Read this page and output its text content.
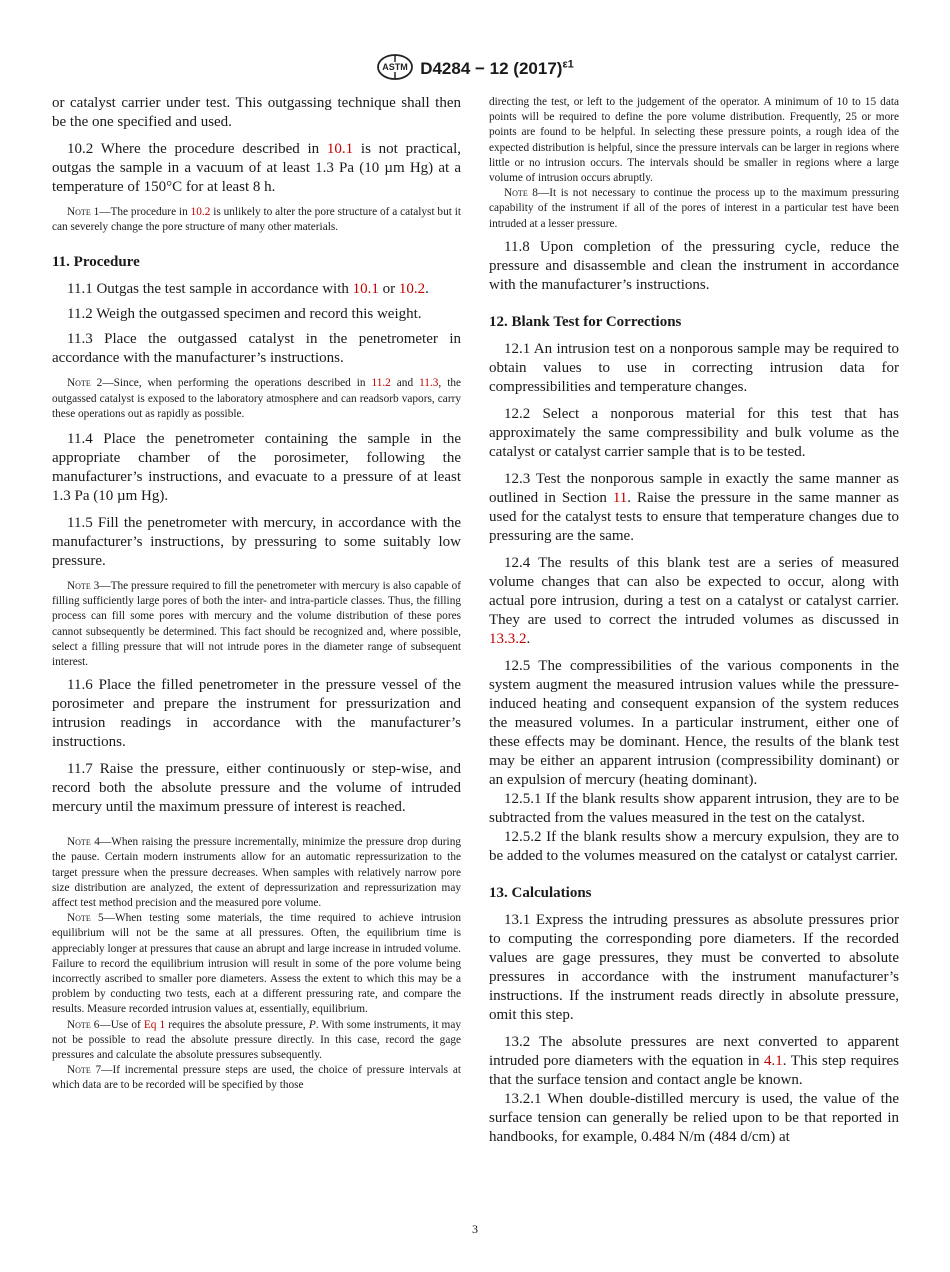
ASTM D4284 − 12 $(2017)^{\varepsilon 1}$

or catalyst carrier under test. This outgassing technique shall then be the one specified and used.

10.2 Where the procedure described in 10.1 is not practical, outgas the sample in a vacuum of at least 1.3 Pa (10 µm Hg) at a temperature of 150°C for at least 8 h.

Note 1—The procedure in 10.2 is unlikely to alter the pore structure of a catalyst but it can severely change the pore structure of many other materials.

11. Procedure

11.1 Outgas the test sample in accordance with 10.1 or 10.2.

11.2 Weigh the outgassed specimen and record this weight.

11.3 Place the outgassed catalyst in the penetrometer in accordance with the manufacturer’s instructions.

Note 2—Since, when performing the operations described in 11.2 and 11.3, the outgassed catalyst is exposed to the laboratory atmosphere and can readsorb vapors, carry these operations out as rapidly as possible.

11.4 Place the penetrometer containing the sample in the appropriate chamber of the porosimeter, following the manufacturer’s instructions, and evacuate to a pressure of at least 1.3 Pa (10 µm Hg).

11.5 Fill the penetrometer with mercury, in accordance with the manufacturer’s instructions, by pressuring to some suitably low pressure.

Note 3—The pressure required to fill the penetrometer with mercury is also capable of filling sufficiently large pores of both the inter- and intra-particle classes. Thus, the filling process can fill some pores with mercury and the volume distribution of these pores cannot subsequently be determined. This fact should be recognized and, where possible, select a filling pressure that will not intrude pores in the diameter range of subsequent interest.

11.6 Place the filled penetrometer in the pressure vessel of the porosimeter and prepare the instrument for pressurization and intrusion readings in accordance with the manufacturer’s instructions.

11.7 Raise the pressure, either continuously or step-wise, and record both the absolute pressure and the volume of intruded mercury until the maximum pressure of interest is reached.

Note 4—When raising the pressure incrementally, minimize the pressure drop during the pause. Certain modern instruments allow for an automatic repressurization to the target pressure when the pressure decreases. When samples with relatively narrow pore size distribution are analyzed, the extent of depressurization and repressurization may affect test method precision and the measured pore volume.

Note 5—When testing some materials, the time required to achieve intrusion equilibrium will not be the same at all pressures. Often, the equilibrium time is appreciably longer at pressures that cause an abrupt and large increase in intruded volume. Failure to record the equilibrium intrusion will result in some of the pore volume being incorrectly ascribed to smaller pore diameters. Assess the extent to which this may be a problem by conducting two tests, each at a different pressuring rate, and compare the results. Measure recorded intrusion values at, essentially, equilibrium.

Note 6—Use of Eq 1 requires the absolute pressure, P. With some instruments, it may not be possible to read the absolute pressure directly. In this case, record the gage pressures and calculate the absolute pressures subsequently.

Note 7—If incremental pressure steps are used, the choice of pressure intervals at which data are to be recorded will be specified by those

directing the test, or left to the judgement of the operator. A minimum of 10 to 15 data points will be required to define the pore volume distribution. Frequently, 25 or more points are found to be helpful. In selecting these pressure points, a rough idea of the expected distribution is helpful, since the pressure intervals can be larger in regions where little or no intrusion occurs. The intervals should be smaller in regions where a large volume of intrusion occurs abruptly.

Note 8—It is not necessary to continue the process up to the maximum pressuring capability of the instrument if all of the pores of interest in a particular test have been intruded at a lesser pressure.

11.8 Upon completion of the pressuring cycle, reduce the pressure and disassemble and clean the instrument in accordance with the manufacturer’s instructions.

12. Blank Test for Corrections

12.1 An intrusion test on a nonporous sample may be required to obtain values to use in correcting intrusion data for compressibilities and temperature changes.

12.2 Select a nonporous material for this test that has approximately the same compressibility and bulk volume as the catalyst or catalyst carrier sample that is to be tested.

12.3 Test the nonporous sample in exactly the same manner as outlined in Section 11. Raise the pressure in the same manner as used for the catalyst tests to ensure that temperature changes due to pressuring are the same.

12.4 The results of this blank test are a series of measured volume changes that can also be expected to occur, along with actual pore intrusion, during a test on a catalyst or catalyst carrier. They are used to correct the intruded volumes as discussed in 13.3.2.

12.5 The compressibilities of the various components in the system augment the measured intrusion values while the pressure-induced heating and consequent expansion of the system reduces the measured volumes. In a particular instrument, either one of these effects may be dominant. Hence, the results of the blank test may be either an apparent intrusion (compressibility dominant) or an expulsion of mercury (heating dominant).

12.5.1 If the blank results show apparent intrusion, they are to be subtracted from the values measured in the test on the catalyst.

12.5.2 If the blank results show a mercury expulsion, they are to be added to the volumes measured on the catalyst or catalyst carrier.

13. Calculations

13.1 Express the intruding pressures as absolute pressures prior to computing the corresponding pore diameters. If the recorded values are gage pressures, they must be converted to absolute pressures in accordance with the instrument manufacturer’s instructions. If the instrument reads directly in absolute pressure, omit this step.

13.2 The absolute pressures are next converted to apparent intruded pore diameters with the equation in 4.1. This step requires that the surface tension and contact angle be known.

13.2.1 When double-distilled mercury is used, the value of the surface tension can generally be relied upon to be that reported in handbooks, for example, 0.484 N/m (484 d/cm) at

3
